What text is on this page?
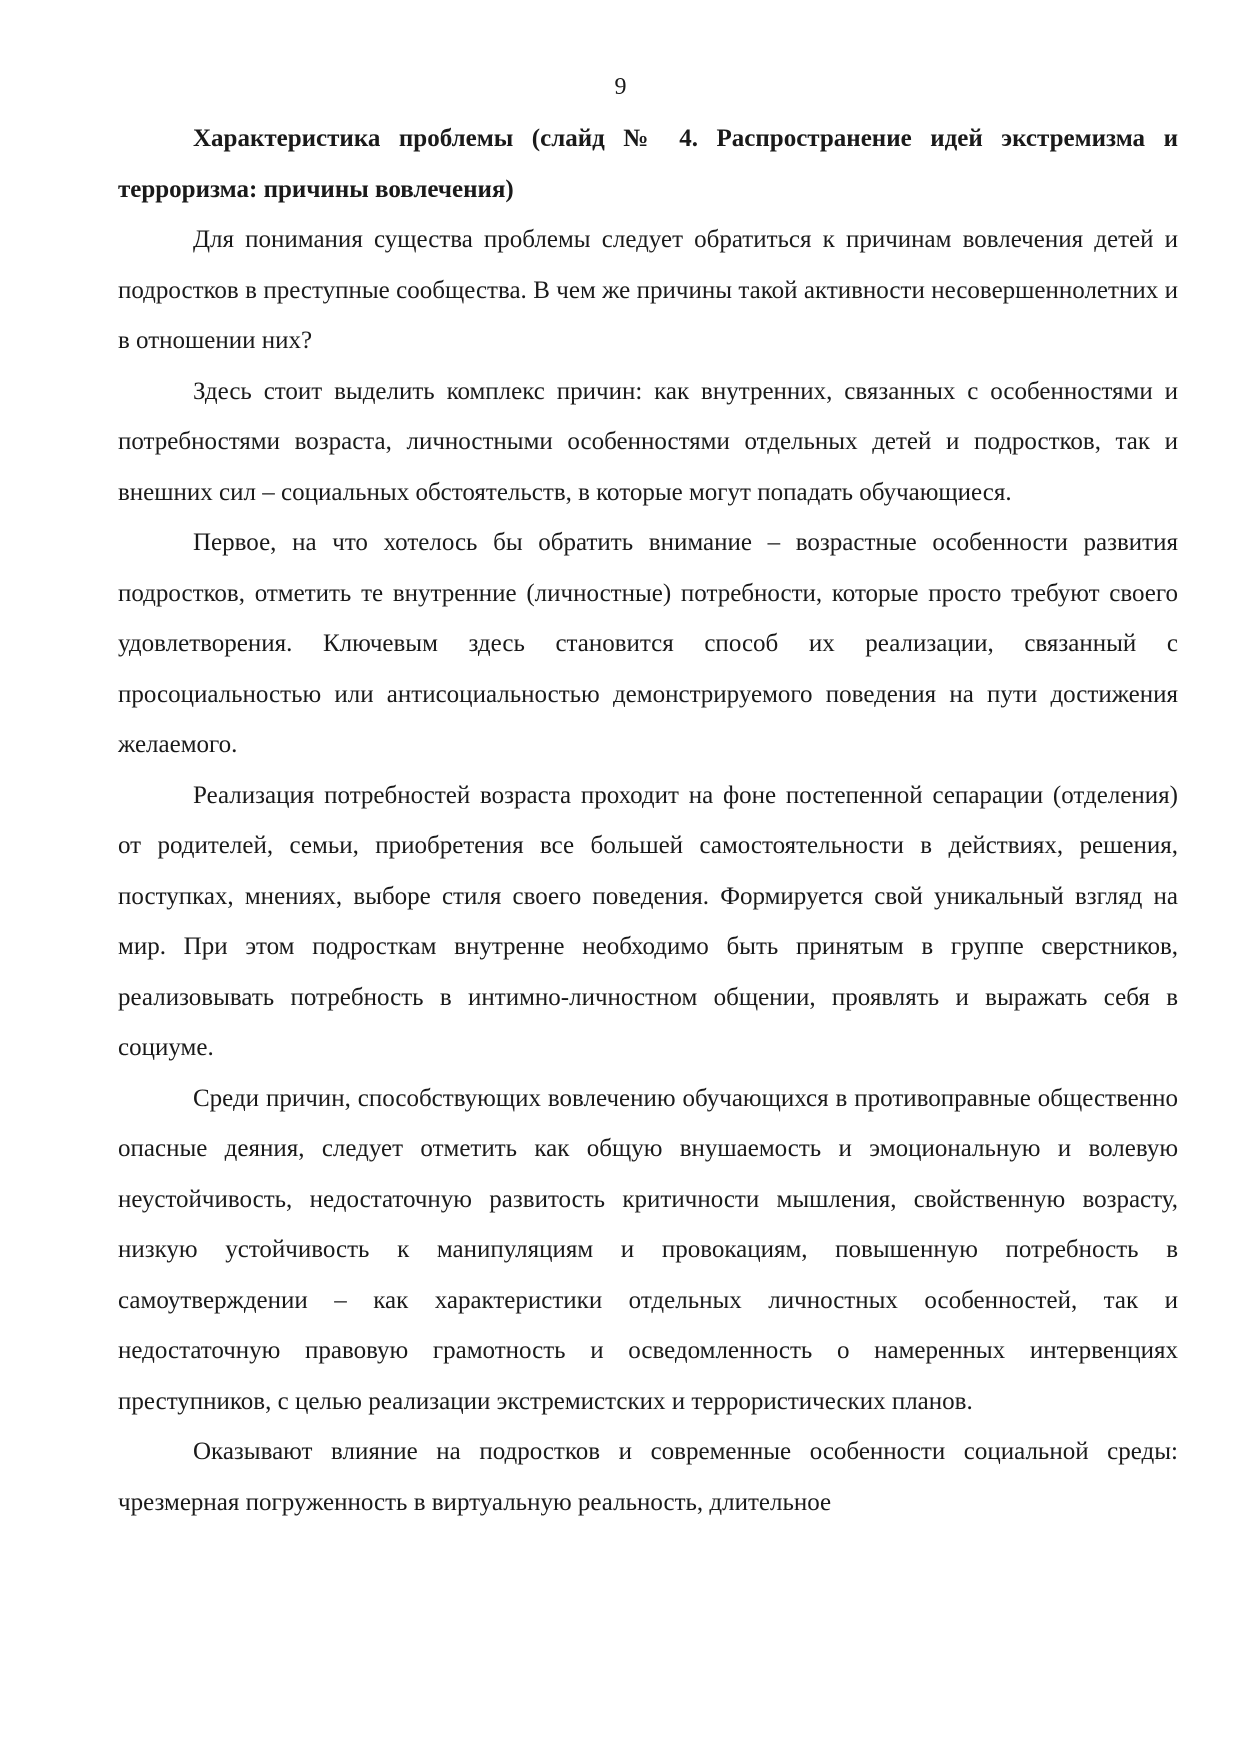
9

Характеристика проблемы (слайд № 4. Распространение идей экстремизма и терроризма: причины вовлечения)

Для понимания существа проблемы следует обратиться к причинам вовлечения детей и подростков в преступные сообщества. В чем же причины такой активности несовершеннолетних и в отношении них?

Здесь стоит выделить комплекс причин: как внутренних, связанных с особенностями и потребностями возраста, личностными особенностями отдельных детей и подростков, так и внешних сил – социальных обстоятельств, в которые могут попадать обучающиеся.

Первое, на что хотелось бы обратить внимание – возрастные особенности развития подростков, отметить те внутренние (личностные) потребности, которые просто требуют своего удовлетворения. Ключевым здесь становится способ их реализации, связанный с просоциальностью или антисоциальностью демонстрируемого поведения на пути достижения желаемого.

Реализация потребностей возраста проходит на фоне постепенной сепарации (отделения) от родителей, семьи, приобретения все большей самостоятельности в действиях, решения, поступках, мнениях, выборе стиля своего поведения. Формируется свой уникальный взгляд на мир. При этом подросткам внутренне необходимо быть принятым в группе сверстников, реализовывать потребность в интимно-личностном общении, проявлять и выражать себя в социуме.

Среди причин, способствующих вовлечению обучающихся в противоправные общественно опасные деяния, следует отметить как общую внушаемость и эмоциональную и волевую неустойчивость, недостаточную развитость критичности мышления, свойственную возрасту, низкую устойчивость к манипуляциям и провокациям, повышенную потребность в самоутверждении – как характеристики отдельных личностных особенностей, так и недостаточную правовую грамотность и осведомленность о намеренных интервенциях преступников, с целью реализации экстремистских и террористических планов.

Оказывают влияние на подростков и современные особенности социальной среды: чрезмерная погруженность в виртуальную реальность, длительное
